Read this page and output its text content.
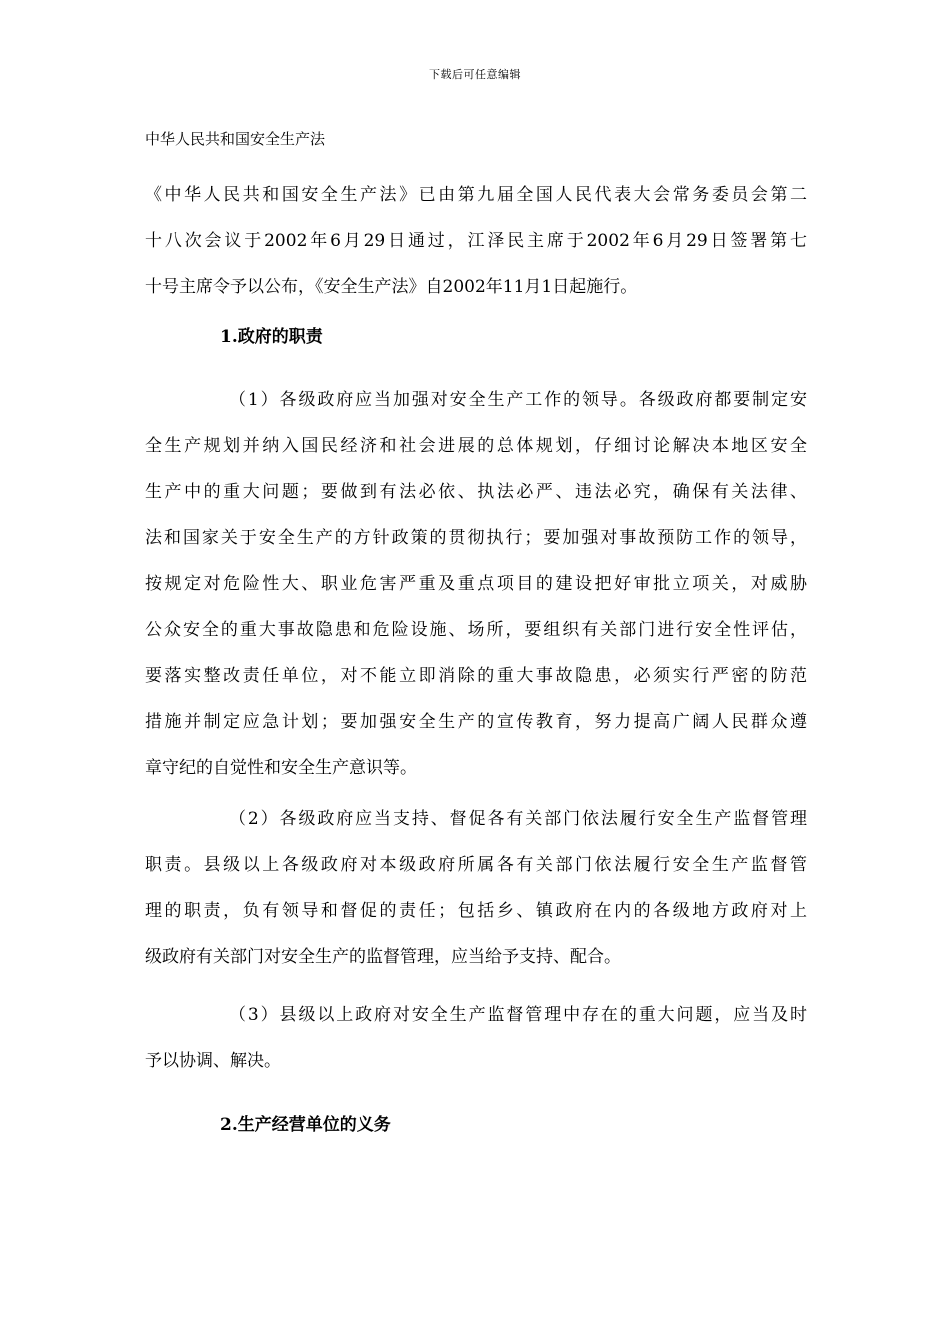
下载后可任意编辑
中华人民共和国安全生产法
《中华人民共和国安全生产法》已由第九届全国人民代表大会常务委员会第二
十八次会议于2002年6月29日通过，江泽民主席于2002年6月29日签署第七
十号主席令予以公布，《安全生产法》自2002年11月1日起施行。
1.政府的职责
（1）各级政府应当加强对安全生产工作的领导。各级政府都要制定安
全生产规划并纳入国民经济和社会进展的总体规划，仔细讨论解决本地区安全
生产中的重大问题；要做到有法必依、执法必严、违法必究，确保有关法律、
法和国家关于安全生产的方针政策的贯彻执行；要加强对事故预防工作的领导，
按规定对危险性大、职业危害严重及重点项目的建设把好审批立项关，对威胁
公众安全的重大事故隐患和危险设施、场所，要组织有关部门进行安全性评估，
要落实整改责任单位，对不能立即消除的重大事故隐患，必须实行严密的防范
措施并制定应急计划；要加强安全生产的宣传教育，努力提高广阔人民群众遵
章守纪的自觉性和安全生产意识等。
（2）各级政府应当支持、督促各有关部门依法履行安全生产监督管理
职责。县级以上各级政府对本级政府所属各有关部门依法履行安全生产监督管
理的职责，负有领导和督促的责任；包括乡、镇政府在内的各级地方政府对上
级政府有关部门对安全生产的监督管理，应当给予支持、配合。
（3）县级以上政府对安全生产监督管理中存在的重大问题，应当及时
予以协调、解决。
2.生产经营单位的义务
